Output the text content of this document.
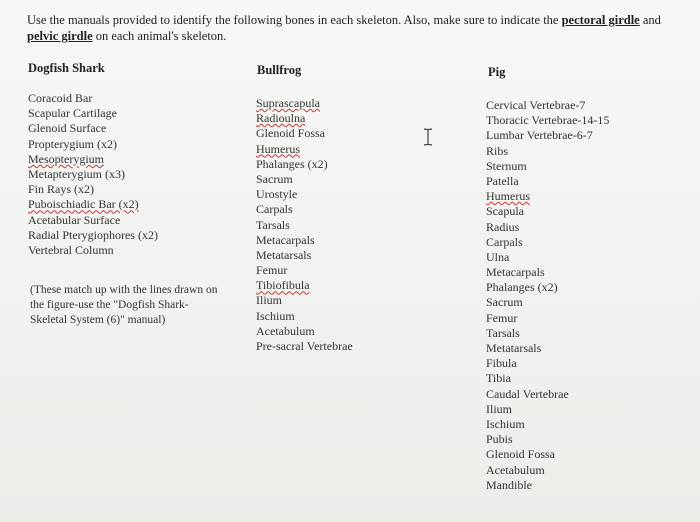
Use the manuals provided to identify the following bones in each skeleton. Also, make sure to indicate the pectoral girdle and pelvic girdle on each animal's skeleton.
Dogfish Shark	Bullfrog	Pig
Coracoid Bar
Scapular Cartilage
Glenoid Surface
Propterygium (x2)
Mesopterygium
Metapterygium (x3)
Fin Rays (x2)
Puboischiadic Bar (x2)
Acetabular Surface
Radial Pterygiophores (x2)
Vertebral Column
Suprascapula
Radioulna
Glenoid Fossa
Humerus
Phalanges (x2)
Sacrum
Urostyle
Carpals
Tarsals
Metacarpals
Metatarsals
Femur
Tibiofibula
Ilium
Ischium
Acetabulum
Pre-sacral Vertebrae
Cervical Vertebrae-7
Thoracic Vertebrae-14-15
Lumbar Vertebrae-6-7
Ribs
Sternum
Patella
Humerus
Scapula
Radius
Carpals
Ulna
Metacarpals
Phalanges (x2)
Sacrum
Femur
Tarsals
Metatarsals
Fibula
Tibia
Caudal Vertebrae
Ilium
Ischium
Pubis
Glenoid Fossa
Acetabulum
Mandible
(These match up with the lines drawn on the figure-use the "Dogfish Shark-Skeletal System (6)" manual)
